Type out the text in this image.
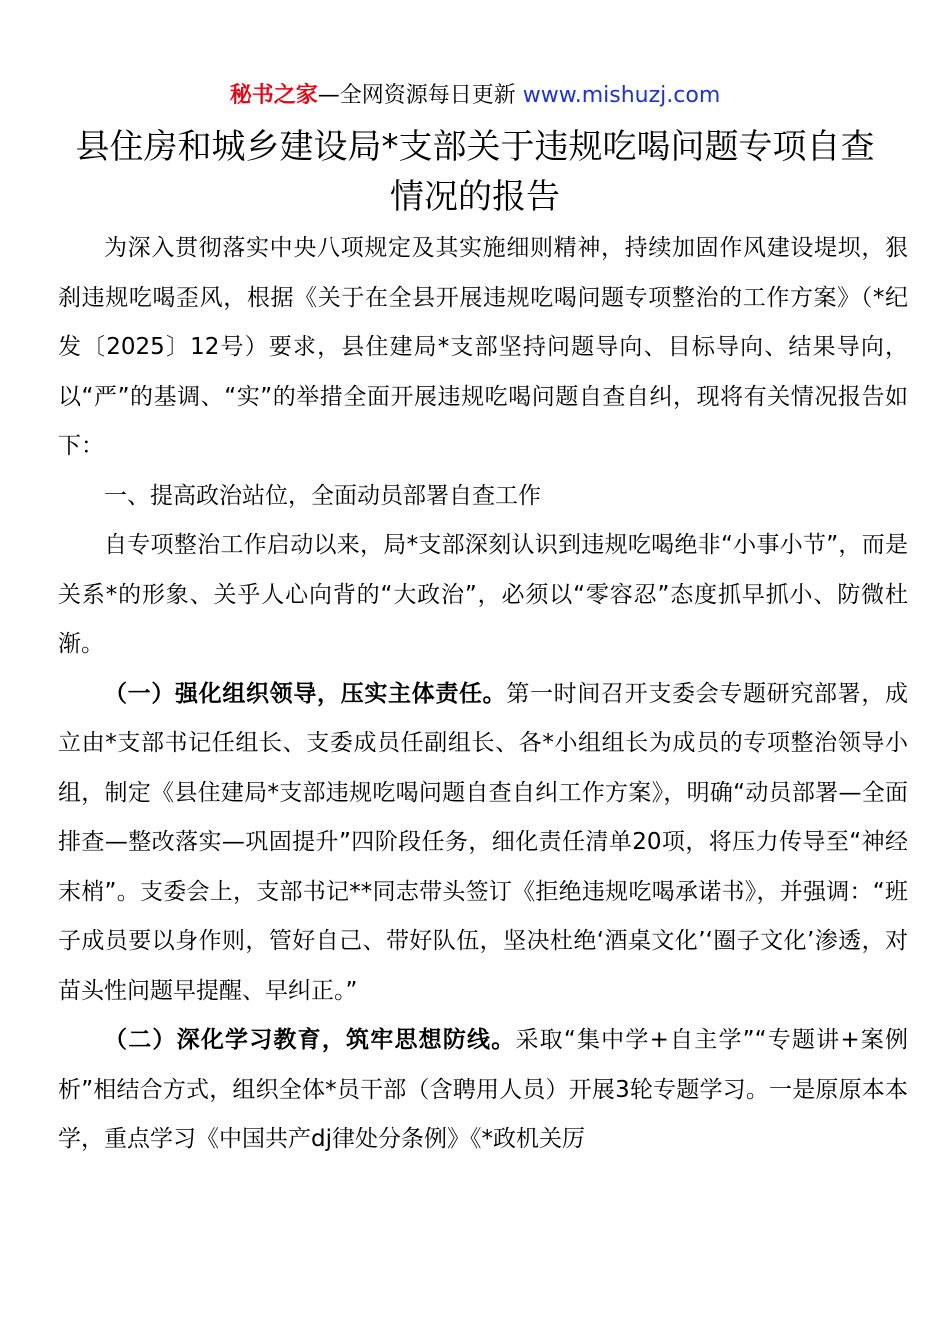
秘书之家—全网资源每日更新 www.mishuzj.com
县住房和城乡建设局*支部关于违规吃喝问题专项自查
情况的报告

为深入贯彻落实中央八项规定及其实施细则精神，持续加固作风建设堤坝，狠刹违规吃喝歪风，根据《关于在全县开展违规吃喝问题专项整治的工作方案》（*纪发〔2025〕12号）要求，县住建局*支部坚持问题导向、目标导向、结果导向，以“严”的基调、“实”的举措全面开展违规吃喝问题自查自纠，现将有关情况报告如下：

一、提高政治站位，全面动员部署自查工作

自专项整治工作启动以来，局*支部深刻认识到违规吃喝绝非“小事小节”，而是关系*的形象、关乎人心向背的“大政治”，必须以“零容忍”态度抓早抓小、防微杜渐。

（一）强化组织领导，压实主体责任。第一时间召开支委会专题研究部署，成立由*支部书记任组长、支委成员任副组长、各*小组组长为成员的专项整治领导小组，制定《县住建局*支部违规吃喝问题自查自纠工作方案》，明确“动员部署—全面排查—整改落实—巩固提升”四阶段任务，细化责任清单20项，将压力传导至“神经末梢”。支委会上，支部书记**同志带头签订《拒绝违规吃喝承诺书》，并强调：“班子成员要以身作则，管好自己、带好队伍，坚决杜绝‘酒桌文化’‘圈子文化’渗透，对苗头性问题早提醒、早纠正。”

（二）深化学习教育，筑牢思想防线。采取“集中学+自主学”“专题讲+案例析”相结合方式，组织全体*员干部（含聘用人员）开展3轮专题学习。一是原原本本学，重点学习《中国共产dj律处分条例》《*政机关厉
